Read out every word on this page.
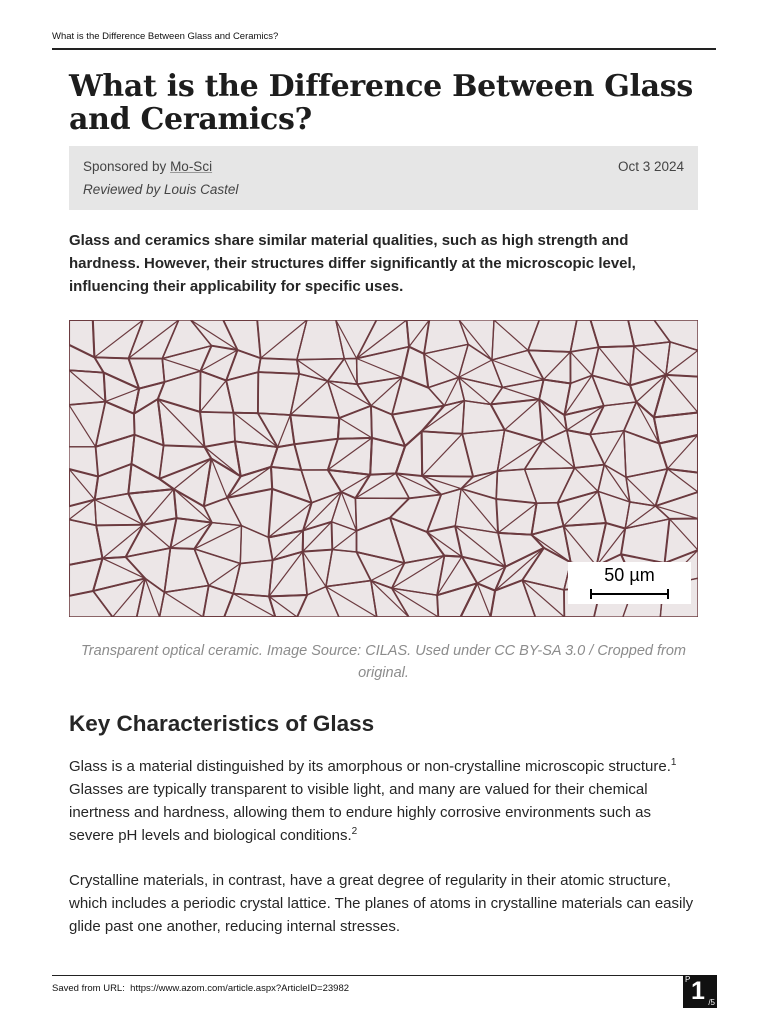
What is the Difference Between Glass and Ceramics?
What is the Difference Between Glass and Ceramics?
Sponsored by Mo-Sci	Oct 3 2024
Reviewed by Louis Castel

Glass and ceramics share similar material qualities, such as high strength and hardness. However, their structures differ significantly at the microscopic level, influencing their applicability for specific uses.

50 µm

Transparent optical ceramic. Image Source: CILAS. Used under CC BY-SA 3.0 / Cropped from original.

Key Characteristics of Glass

Glass is a material distinguished by its amorphous or non-crystalline microscopic structure.$^1$ Glasses are typically transparent to visible light, and many are valued for their chemical inertness and hardness, allowing them to endure highly corrosive environments such as severe pH levels and biological conditions.$^2$

Crystalline materials, in contrast, have a great degree of regularity in their atomic structure, which includes a periodic crystal lattice. The planes of atoms in crystalline materials can easily glide past one another, reducing internal stresses.

Saved from URL: https://www.azom.com/article.aspx?ArticleID=23982
P 1 /5
